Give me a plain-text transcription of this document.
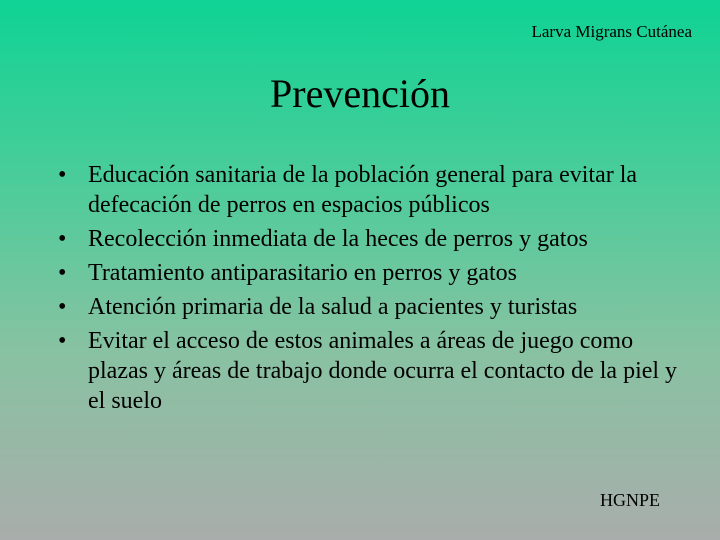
Larva Migrans Cutánea
Prevención
• Educación sanitaria de la población general para evitar la defecación de perros en espacios públicos
• Recolección inmediata de la heces de perros y gatos
• Tratamiento antiparasitario en perros y gatos
• Atención primaria de la salud a pacientes y turistas
• Evitar el acceso de estos animales a áreas de juego como plazas y áreas de trabajo donde ocurra el contacto de la piel y el suelo
HGNPE
